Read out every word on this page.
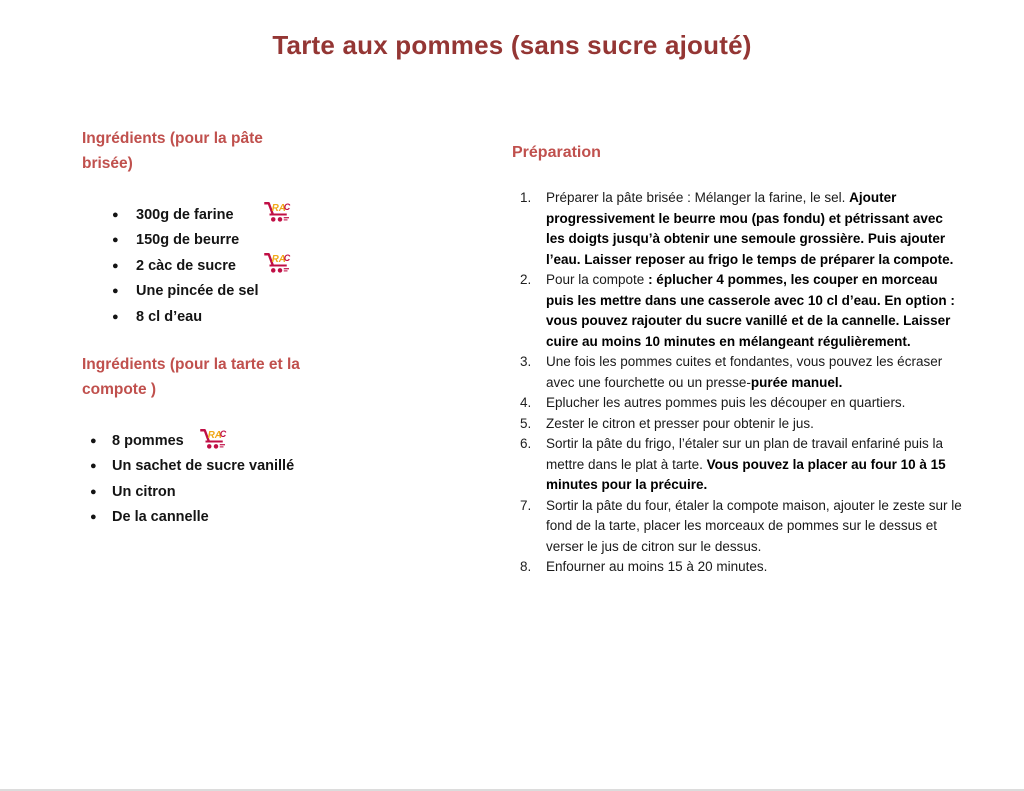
Tarte aux pommes (sans sucre ajouté)
Ingrédients (pour la pâte brisée)
● 300g de farine	RA
C
● 150g de beurre
● 2 càc de sucre	RA
C
● Une pincée de sel
● 8 cl d’eau
Ingrédients (pour la tarte et la compote )
● 8 pommes RA
C
● Un sachet de sucre vanillé
● Un citron
● De la cannelle
Préparation
1.	Préparer la pâte brisée : Mélanger la farine, le sel. Ajouter progressivement le beurre mou (pas fondu) et pétrissant avec les doigts jusqu’à obtenir une semoule grossière. Puis ajouter l’eau. Laisser reposer au frigo le temps de préparer la compote.
2.	Pour la compote : éplucher 4 pommes, les couper en morceau puis les mettre dans une casserole avec 10 cl d’eau. En option : vous pouvez rajouter du sucre vanillé et de la cannelle. Laisser cuire au moins 10 minutes en mélangeant régulièrement.
3.	Une fois les pommes cuites et fondantes, vous pouvez les écraser avec une fourchette ou un presse-purée manuel.
4.	Eplucher les autres pommes puis les découper en quartiers.
5.	Zester le citron et presser pour obtenir le jus.
6.	Sortir la pâte du frigo, l’étaler sur un plan de travail enfariné puis la mettre dans le plat à tarte. Vous pouvez la placer au four 10 à 15 minutes pour la précuire.
7.	Sortir la pâte du four, étaler la compote maison, ajouter le zeste sur le fond de la tarte, placer les morceaux de pommes sur le dessus et verser le jus de citron sur le dessus.
8.	Enfourner au moins 15 à 20 minutes.
